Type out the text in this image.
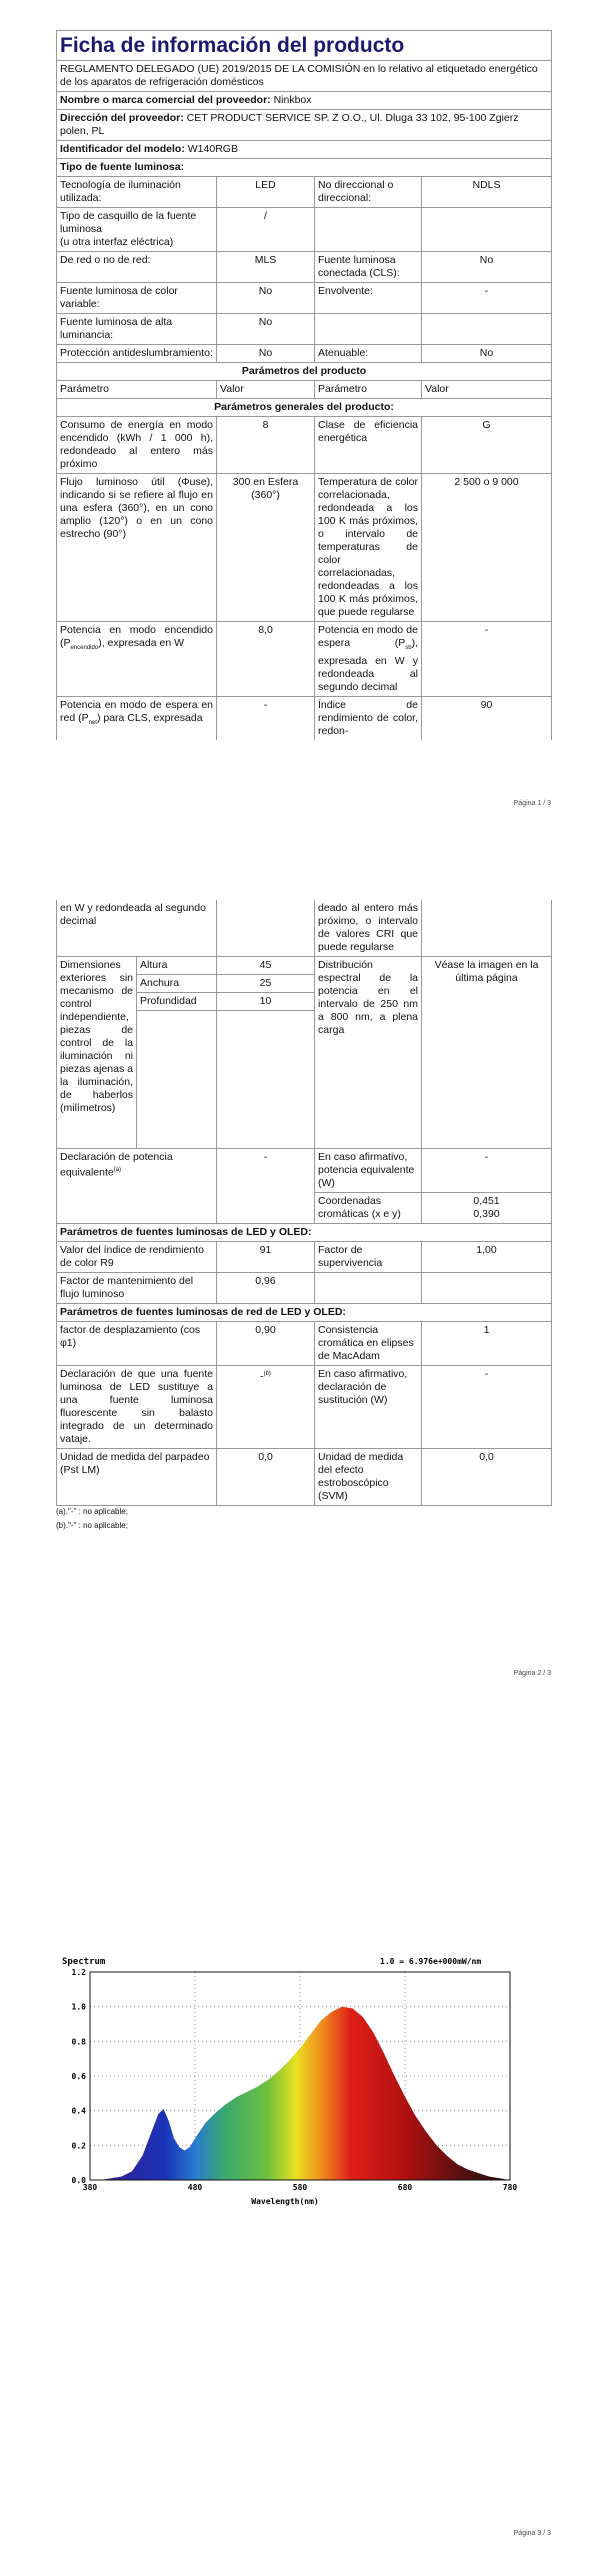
Ficha de información del producto			
REGLAMENTO DELEGADO (UE) 2019/2015 DE LA COMISIÓN en lo relativo al etiquetado energético de los aparatos de refrigeración domésticos			
Nombre o marca comercial del proveedor: Ninkbox			
Dirección del proveedor: CET PRODUCT SERVICE SP. Z O.O., Ul. Dluga 33 102, 95-100 Zgierz polen, PL			
Identificador del modelo: W140RGB			
Tipo de fuente luminosa:			
Tecnología de iluminación utilizada:	LED	No direccional o direccional:	NDLS
Tipo de casquillo de la fuente luminosa
(u otra interfaz eléctrica)	/		
De red o no de red:	MLS	Fuente luminosa conectada (CLS):	No
Fuente luminosa de color variable:	No	Envolvente:	-
Fuente luminosa de alta luminancia:	No		
Protección antideslumbramiento:	No	Atenuable:	No
Parámetros del producto			
Parámetro	Valor	Parámetro	Valor
Parámetros generales del producto:			
Consumo de energía en modo encendido (kWh / 1 000 h), redondeado al entero más próximo	8	Clase de eficiencia energética	G
Flujo luminoso útil (Φuse), indicando si se refiere al flujo en una esfera (360°), en un cono amplio (120°) o en un cono estrecho (90°)	300 en Esfera (360°)	Temperatura de color correlacionada, redondeada a los 100 K más próximos, o intervalo de temperaturas de color correlacionadas, redondeadas a los 100 K más próximos, que puede regularse	2 500 o 9 000
Potencia en modo encendido $(P_{encendido})$, expresada en W	8,0	Potencia en modo de espera $(P_{sb})$, expresada en W y redondeada al segundo decimal	-
Potencia en modo de espera en red $(P_{net})$ para CLS, expresada	-	Índice de rendimiento de color, redon-	90
Página 1 / 3
en W y redondeada al segundo decimal			deado al entero más próximo, o intervalo de valores CRI que puede regularse	
Dimensiones exteriores sin mecanismo de control independiente, piezas de control de la iluminación ni piezas ajenas a la iluminación, de haberlos (milímetros)	Altura	45	Distribución espectral de la potencia en el intervalo de 250 nm a 800 nm, a plena carga	Véase la imagen en la última página
	Anchura	25		
	Profundidad	10		

Declaración de potencia equivalente$^{(a)}$		-	En caso afirmativo, potencia equivalente (W)	-
			Coordenadas cromáticas (x e y)	0,451
0,390

Parámetros de fuentes luminosas de LED y OLED:				
Valor del índice de rendimiento de color R9		91	Factor de supervivencia	1,00
Factor de mantenimiento del flujo luminoso		0,96		
Parámetros de fuentes luminosas de red de LED y OLED:				
factor de desplazamiento (cos φ1)		0,90	Consistencia cromática en elipses de MacAdam	1
Declaración de que una fuente luminosa de LED sustituye a una fuente luminosa fluorescente sin balasto integrado de un determinado vataje.		-$^{(b)}$	En caso afirmativo, declaración de sustitución (W)	-
Unidad de medida del parpadeo (Pst LM)		0,0	Unidad de medida del efecto estroboscópico (SVM)	0,0
(a)."-" : no aplicable;
(b)."-" : no aplicable;
Página 2 / 3
Spectrum	1.0 = 6.976e+000mW/nm
0.0
0.2
0.4
0.6
0.8
1.0
1.2
380	480	580	680	780
Wavelength(nm)
Página 3 / 3
